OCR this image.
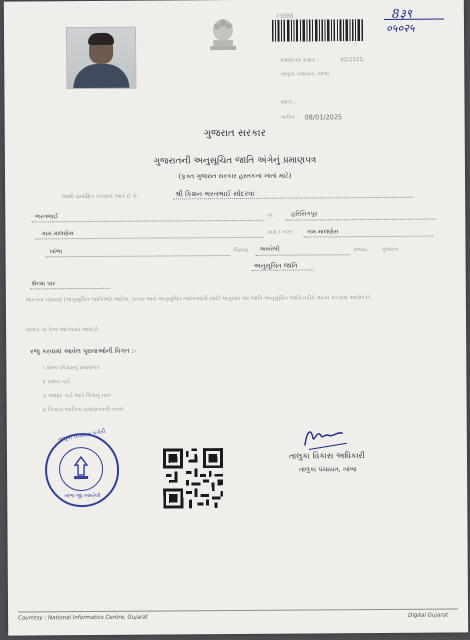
7​38​8​8	8३९
०५०२५
પ્રમાણપત્ર ક્રમાંક :	42/2025
તાલુકા પંચાયત, ખાંભા
સ્થળ :
તારીખ : 08/01/2025
ગુજરાત સરકાર
ગુજરાતની અનુસૂચિત જાતિ અંગેનું પ્રમાણપત્ર
(ફક્ત ગુજરાત સરકાર હસ્તકના ખાતાં માટે)
આથી પ્રમાણિત કરવામાં આવે છે કે,	શ્રી કિશન ભરતભાઈ સોંદરવા
ભરતભાઈ	ના	હરિસિંગપુર
ગામ માલણેસ	ગામ / નગર નમ માલણેસ
ખાંભા	જિલ્લા અમરેલી	રાજ્ય	ગુજરાત
અનુસૂચિત જાતિ
શેન્મા પાર
ભારતના બંધારણ (અનુસૂચિત જાતિઓ) આદેશ, ૧૦૫૦ અને અનુસૂચિત જાતિઓની યાદી અનુસાર આ જાતિ અનુસૂચિત જાતિ તરીકે માન્ય કરવામાં આવેલ છે.
૨૦૨૫ ના રોજ આપવામાં આવે છે.
રજુ કરવામાં આવેલ પુરાવાઓની વિગત :-
૧ શાળા છોડ્યાનું પ્રમાણપત્ર
૨ રાશન કાર્ડ
૩ આધાર કાર્ડ અને પિતાનું નામ
૪ પિતાના જાતિના પ્રમાણપત્રની નકલ
તાલુકા પંચાયત કચેરી
ખાંભા જી.અમરેલી
તાલુકા વિકાસ અધિકારી
તાલુકા પંચાયત, ખાંભા
Courtesy : National Informatics Centre, Gujarat	Digital Gujarat
